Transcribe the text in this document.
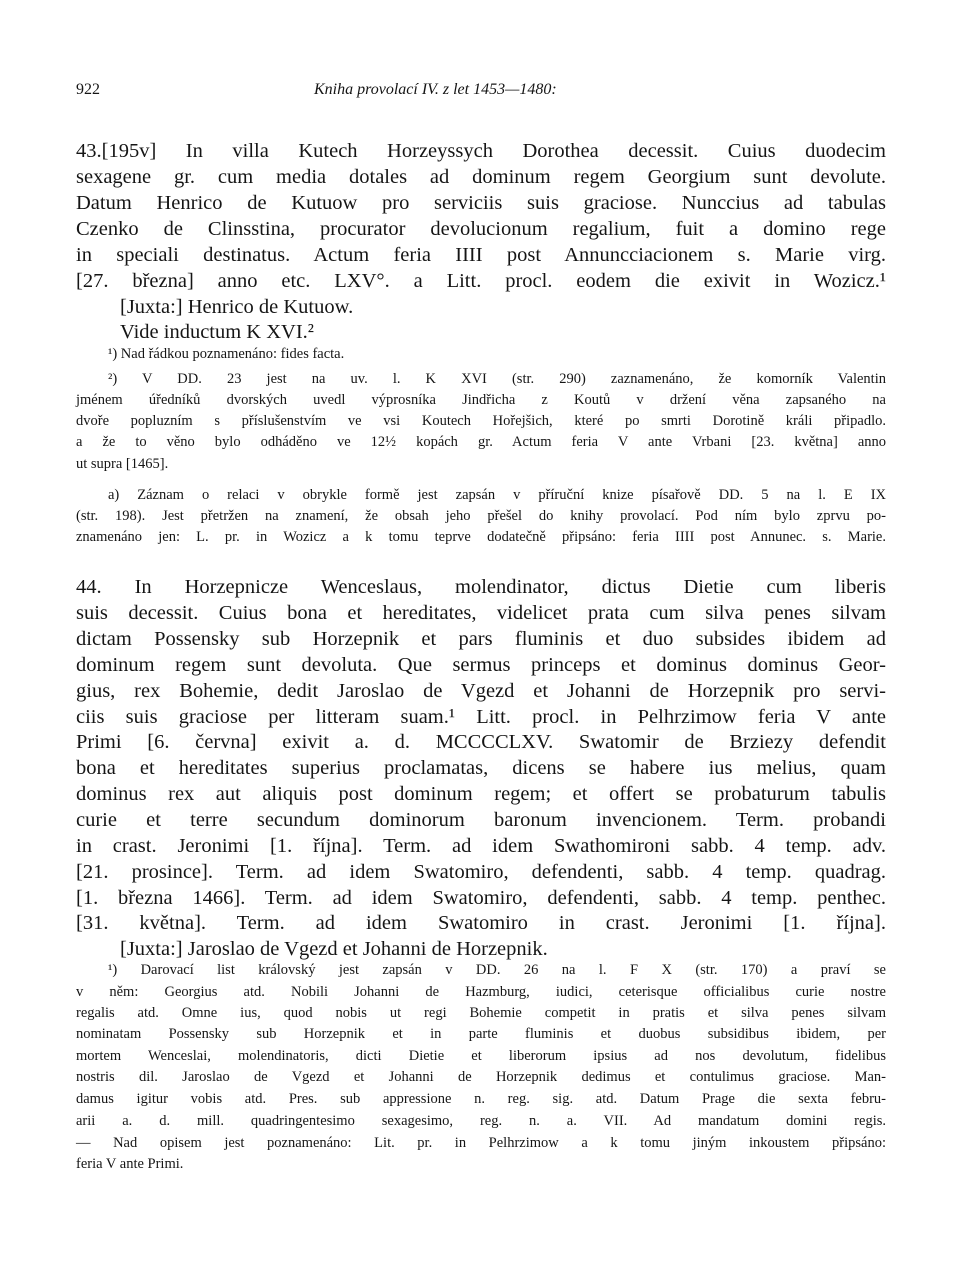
922	Kniha provolací IV. z let 1453—1480:
43.[195v] In villa Kutech Horzeyssych Dorothea decessit. Cuius duodecim
sexagene gr. cum media dotales ad dominum regem Georgium sunt devolute.
Datum Henrico de Kutuow pro serviciis suis graciose. Nunccius ad tabulas
Czenko de Clinsstina, procurator devolucionum regalium, fuit a domino rege
in speciali destinatus. Actum feria IIII post Annuncciacionem s. Marie virg.
[27. března] anno etc. LXV°. a Litt. procl. eodem die exivit in Wozicz.¹
[Juxta:] Henrico de Kutuow.
Vide inductum K XVI.²
¹) Nad řádkou poznamenáno: fides facta.
²) V DD. 23 jest na uv. l. K XVI (str. 290) zaznamenáno, že komorník Valentin
jménem úředníků dvorských uvedl výprosníka Jindřicha z Koutů v držení věna zapsaného na
dvoře popluzním s příslušenstvím ve vsi Koutech Hořejšich, které po smrti Dorotině králi připadlo.
a že to věno bylo odháděno ve 12½ kopách gr. Actum feria V ante Vrbani [23. května] anno
ut supra [1465].
a) Záznam o relaci v obrykle formě jest zapsán v příruční knize písařově DD. 5 na l. E IX
(str. 198). Jest přetržen na znamení, že obsah jeho přešel do knihy provolací. Pod ním bylo zprvu po-
znamenáno jen: L. pr. in Wozicz a k tomu teprve dodatečně připsáno: feria IIII post Annunec. s. Marie.
44. In Horzepnicze Wenceslaus, molendinator, dictus Dietie cum liberis
suis decessit. Cuius bona et hereditates, videlicet prata cum silva penes silvam
dictam Possensky sub Horzepnik et pars fluminis et duo subsides ibidem ad
dominum regem sunt devoluta. Que sermus princeps et dominus dominus Geor-
gius, rex Bohemie, dedit Jaroslao de Vgezd et Johanni de Horzepnik pro servi-
ciis suis graciose per litteram suam.¹ Litt. procl. in Pelhrzimow feria V ante
Primi [6. června] exivit a. d. MCCCCLXV. Swatomir de Brziezy defendit
bona et hereditates superius proclamatas, dicens se habere ius melius, quam
dominus rex aut aliquis post dominum regem; et offert se probaturum tabulis
curie et terre secundum dominorum baronum invencionem. Term. probandi
in crast. Jeronimi [1. října]. Term. ad idem Swathomironi sabb. 4 temp. adv.
[21. prosince]. Term. ad idem Swatomiro, defendenti, sabb. 4 temp. quadrag.
[1. března 1466]. Term. ad idem Swatomiro, defendenti, sabb. 4 temp. penthec.
[31. května]. Term. ad idem Swatomiro in crast. Jeronimi [1. října].
[Juxta:] Jaroslao de Vgezd et Johanni de Horzepnik.
¹) Darovací list královský jest zapsán v DD. 26 na l. F X (str. 170) a praví se
v něm: Georgius atd. Nobili Johanni de Hazmburg, iudici, ceterisque officialibus curie nostre
regalis atd. Omne ius, quod nobis ut regi Bohemie competit in pratis et silva penes silvam
nominatam Possensky sub Horzepnik et in parte fluminis et duobus subsidibus ibidem, per
mortem Wenceslai, molendinatoris, dicti Dietie et liberorum ipsius ad nos devolutum, fidelibus
nostris dil. Jaroslao de Vgezd et Johanni de Horzepnik dedimus et contulimus graciose. Man-
damus igitur vobis atd. Pres. sub appressione n. reg. sig. atd. Datum Prage die sexta febru-
arii a. d. mill. quadringentesimo sexagesimo, reg. n. a. VII. Ad mandatum domini regis.
— Nad opisem jest poznamenáno: Lit. pr. in Pelhrzimow a k tomu jiným inkoustem připsáno:
feria V ante Primi.
